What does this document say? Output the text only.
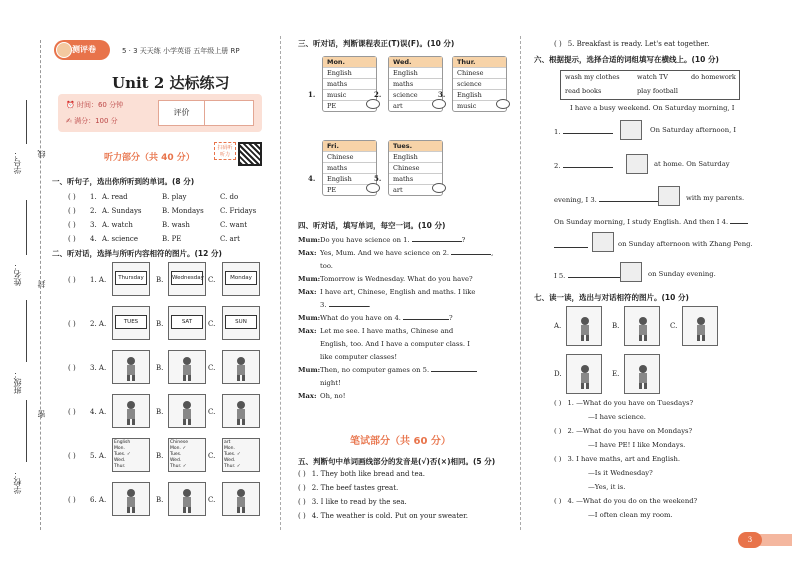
学号：
姓名：
班级：
学校：
线
封
密
测评卷	5 · 3 天天练 小学英语 五年级上册 RP
Unit 2 达标练习
⏰ 时间：60 分钟
✍ 满分：100 分
评价
听力部分（共 40 分）
扫码听听力
一、听句子，选出你所听到的单词。(8 分)
( ) 1. A. read	B. play	C. do
( ) 2. A. Sundays	B. Mondays C. Fridays
( ) 3. A. watch	B. wash	C. want
( ) 4. A. science	B. PE	C. art
二、听对话，选择与所听内容相符的图片。(12 分)
( ) 1. A.	B.	C.
Thursday	Wednesday	Monday
( ) 2. A.	B.	C.
TUES	SAT	SUN
( ) 3. A.	B.	C.
( ) 4. A.	B.	C.
( ) 5. A.	B.	C.
English
Mon.
Tues. ✓
Wed.
Thur.
Chinese
Mon. ✓
Tues.
Wed.
Thur. ✓
art
Mon.
Tues. ✓
Wed.
Thur. ✓
( ) 6. A.	B.	C.
三、听对话，判断课程表正(T)误(F)。(10 分)
1.
Mon.
English
maths
music
PE
2.
Wed.
English
maths
science
art
3.
Thur.
Chinese
science
English
music
4.
Fri.
Chinese
maths
English
PE
5.
Tues.
English
Chinese
maths
art
四、听对话，填写单词，每空一词。(10 分)
Mum:Do you have science on 1.	?
Max: Yes, Mum. And we have science on 2.	,
too.
Mum:Tomorrow is Wednesday. What do you have?
Max: I have art, Chinese, English and maths. I like
3.	.
Mum:What do you have on 4.	?
Max: Let me see. I have maths, Chinese and
English, too. And I have a computer class. I
like computer classes!
Mum:Then, no computer games on 5.
night!
Max: Oh, no!
笔试部分（共 60 分）
五、判断句中单词画线部分的发音是(√)否(×)相同。(5 分)
( ) 1. They both like bread and tea.
( ) 2. The beef tastes great.
( ) 3. I like to read by the sea.
( ) 4. The weather is cold. Put on your sweater.
( ) 5. Breakfast is ready. Let's eat together.
六、根据提示，选择合适的词组填写在横线上。(10 分)
wash my clothes	watch TV	do homework
read books	play football
I have a busy weekend. On Saturday morning, I
1.	On Saturday afternoon, I
2.	at home. On Saturday
evening, I 3.	with my parents.
On Sunday morning, I study English. And then I 4.
on Sunday afternoon with Zhang Peng.
I 5.	on Sunday evening.
七、读一读，选出与对话相符的图片。(10 分)
A.	B.	C.
D.	E.
( ) 1. —What do you have on Tuesdays?
—I have science.
( ) 2. —What do you have on Mondays?
—I have PE! I like Mondays.
( ) 3. I have maths, art and English.
—Is it Wednesday?
—Yes, it is.
( ) 4. —What do you do on the weekend?
—I often clean my room.
3
